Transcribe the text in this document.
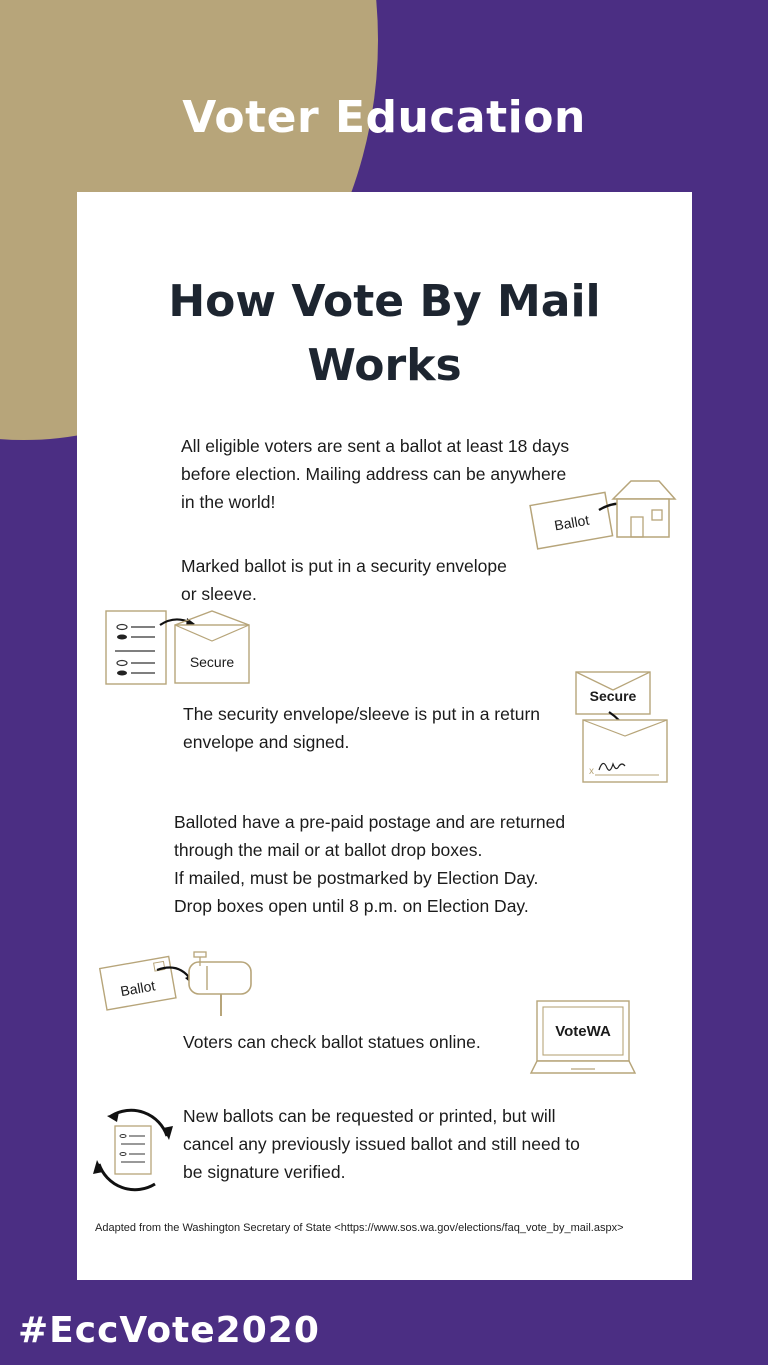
Voter Education
How Vote By Mail
Works
All eligible voters are sent a ballot at least 18 days
before election. Mailing address can be anywhere
in the world!
Ballot
Marked ballot is put in a security envelope
or sleeve.
Secure
The security envelope/sleeve is put in a return
envelope and signed.
Secure
x
Balloted have a pre-paid postage and are returned
through the mail or at ballot drop boxes.
If mailed, must be postmarked by Election Day.
Drop boxes open until 8 p.m. on Election Day.
Ballot
Voters can check ballot statues online.
VoteWA
New ballots can be requested or printed, but will
cancel any previously issued ballot and still need to
be signature verified.
Adapted from the Washington Secretary of State <https://www.sos.wa.gov/elections/faq_vote_by_mail.aspx>
#EccVote2020
